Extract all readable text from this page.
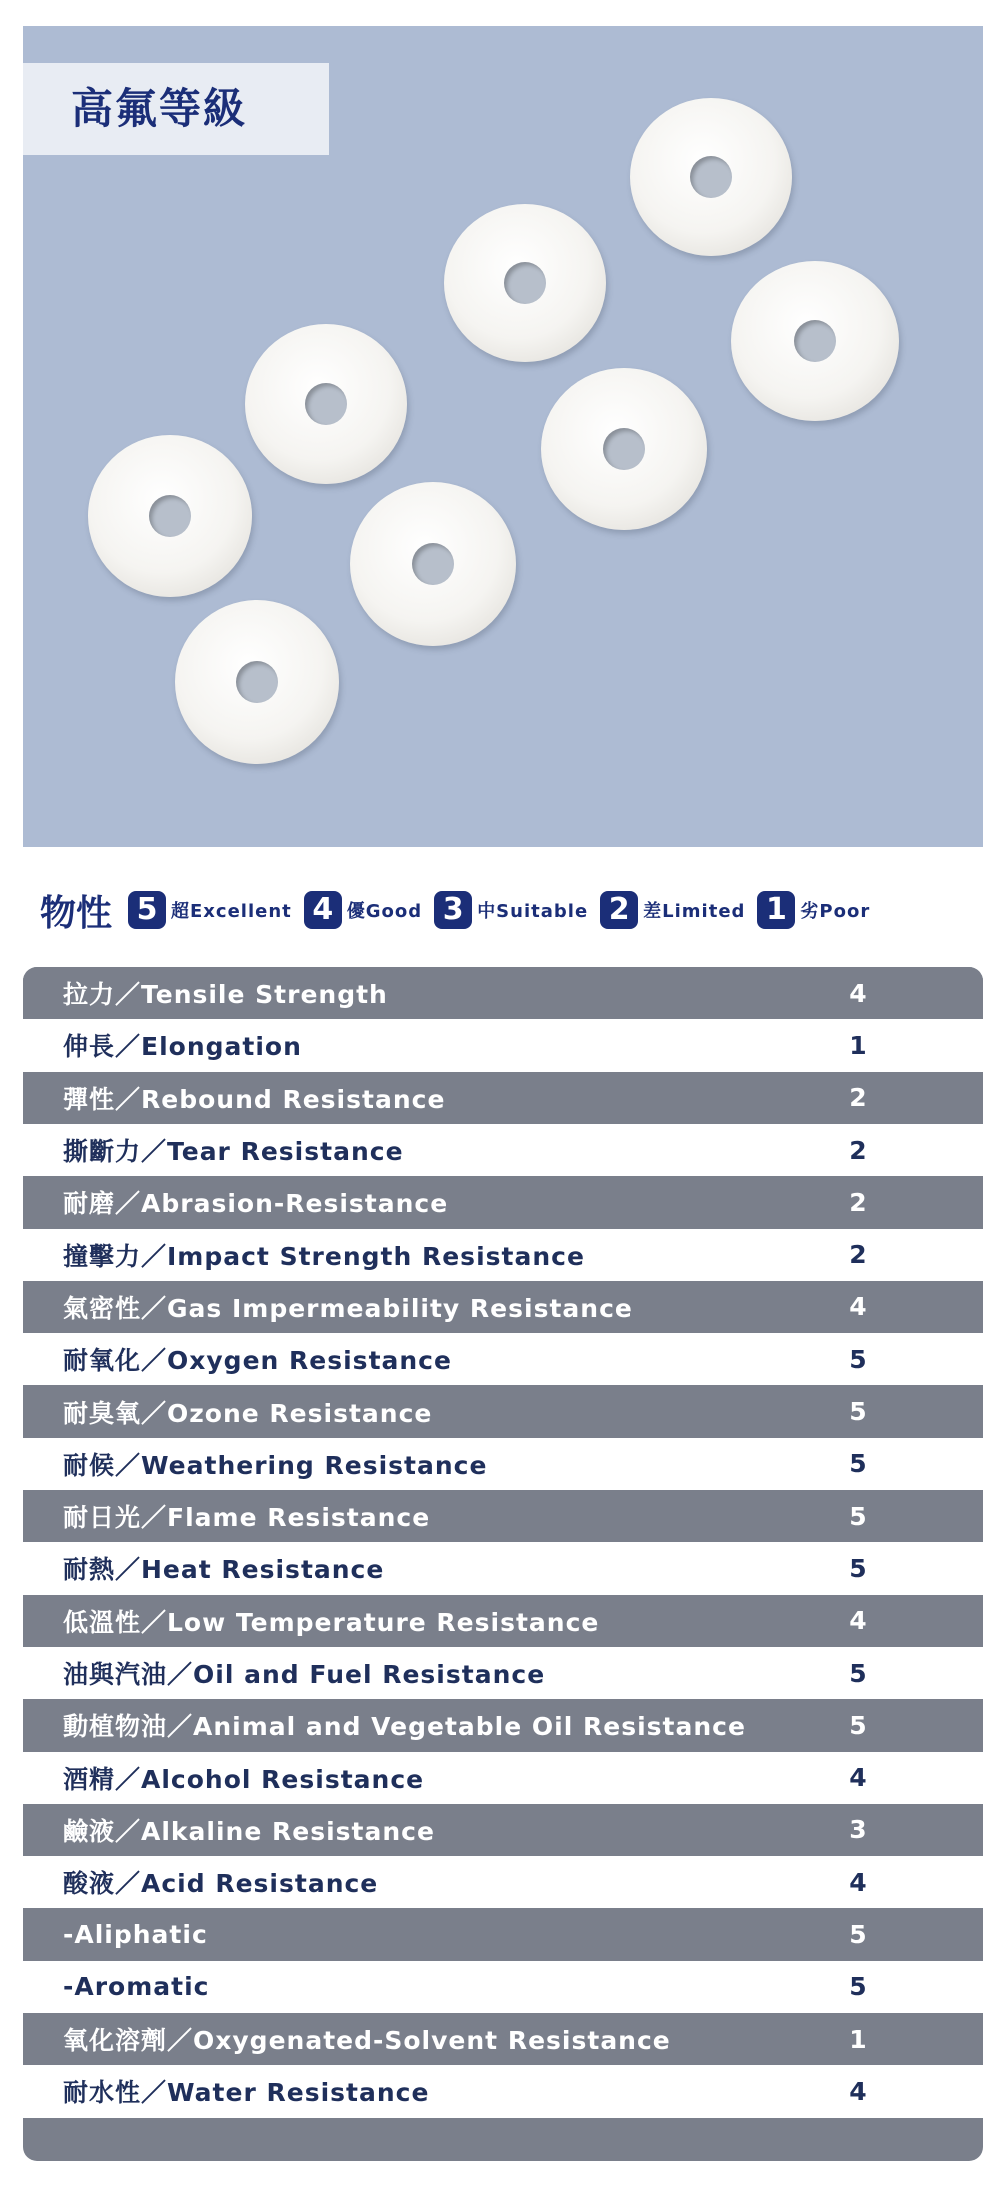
高氟等級
物性 5 超Excellent 4 優Good 3 中Suitable 2 差Limited 1 劣Poor
拉力／Tensile Strength	4
伸長／Elongation	1
彈性／Rebound Resistance	2
撕斷力／Tear Resistance	2
耐磨／Abrasion-Resistance	2
撞擊力／Impact Strength Resistance	2
氣密性／Gas Impermeability Resistance	4
耐氧化／Oxygen Resistance	5
耐臭氧／Ozone Resistance	5
耐候／Weathering Resistance	5
耐日光／Flame Resistance	5
耐熱／Heat Resistance	5
低溫性／Low Temperature Resistance	4
油與汽油／Oil and Fuel Resistance	5
動植物油／Animal and Vegetable Oil Resistance	5
酒精／Alcohol Resistance	4
鹼液／Alkaline Resistance	3
酸液／Acid Resistance	4
-Aliphatic	5
-Aromatic	5
氧化溶劑／Oxygenated-Solvent Resistance	1
耐水性／Water Resistance	4
